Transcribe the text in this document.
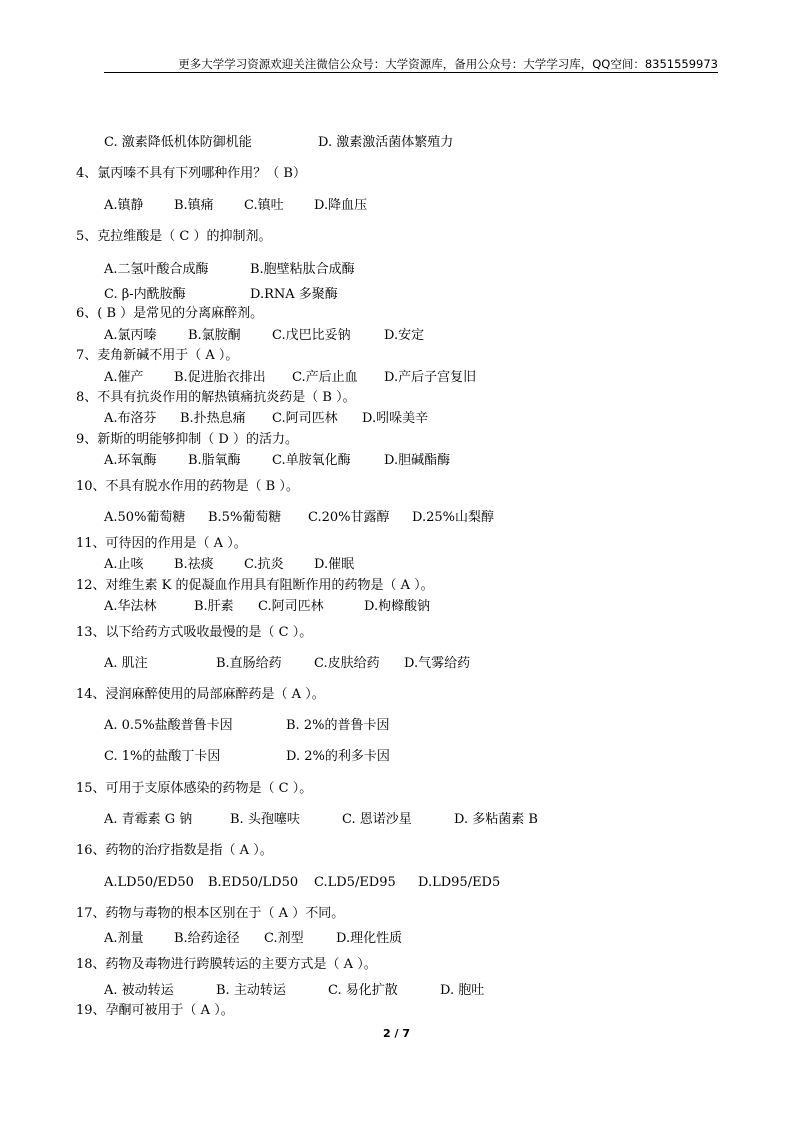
更多大学学习资源欢迎关注微信公众号：大学资源库，备用公众号：大学学习库，QQ空间：8351559973
C. 激素降低机体防御机能	D. 激素激活菌体繁殖力
4、氯丙嗪不具有下列哪种作用？（ B）
A.镇静 B.镇痛 C.镇吐 D.降血压
5、克拉维酸是（ C ）的抑制剂。
A.二氢叶酸合成酶	B.胞壁粘肽合成酶
C. β-内酰胺酶	D.RNA 多聚酶
6、( B ）是常见的分离麻醉剂。
A.氯丙嗪 B.氯胺酮 C.戊巴比妥钠	D.安定
7、麦角新碱不用于（ A ）。
A.催产 B.促进胎衣排出 C.产后止血 D.产后子宫复旧
8、不具有抗炎作用的解热镇痛抗炎药是（ B ）。
A.布洛芬 B.扑热息痛 C.阿司匹林 D.吲哚美辛
9、新斯的明能够抑制（ D ）的活力。
A.环氧酶 B.脂氧酶 C.单胺氧化酶	D.胆碱酯酶
10、不具有脱水作用的药物是（ B ）。
A.50%葡萄糖 B.5%葡萄糖 C.20%甘露醇 D.25%山梨醇
11、可待因的作用是（ A ）。
A.止咳 B.祛痰 C.抗炎 D.催眠
12、对维生素 K 的促凝血作用具有阻断作用的药物是（ A ）。
A.华法林	B.肝素 C.阿司匹林	D.枸橼酸钠
13、以下给药方式吸收最慢的是（ C ）。
A. 肌注	B.直肠给药 C.皮肤给药 D.气雾给药
14、浸润麻醉使用的局部麻醉药是（ A ）。
A. 0.5%盐酸普鲁卡因	B. 2%的普鲁卡因
C. 1%的盐酸丁卡因	D. 2%的利多卡因
15、可用于支原体感染的药物是（ C ）。
A. 青霉素 G 钠	B. 头孢噻呋	C. 恩诺沙星	D. 多粘菌素 B
16、药物的治疗指数是指（ A ）。
A.LD50/ED50 B.ED50/LD50 C.LD5/ED95 D.LD95/ED5
17、药物与毒物的根本区别在于（ A ）不同。
A.剂量 B.给药途径 C.剂型 D.理化性质
18、药物及毒物进行跨膜转运的主要方式是（ A ）。
A. 被动转运	B. 主动转运	C. 易化扩散	D. 胞吐
19、孕酮可被用于（ A ）。
2 / 7
